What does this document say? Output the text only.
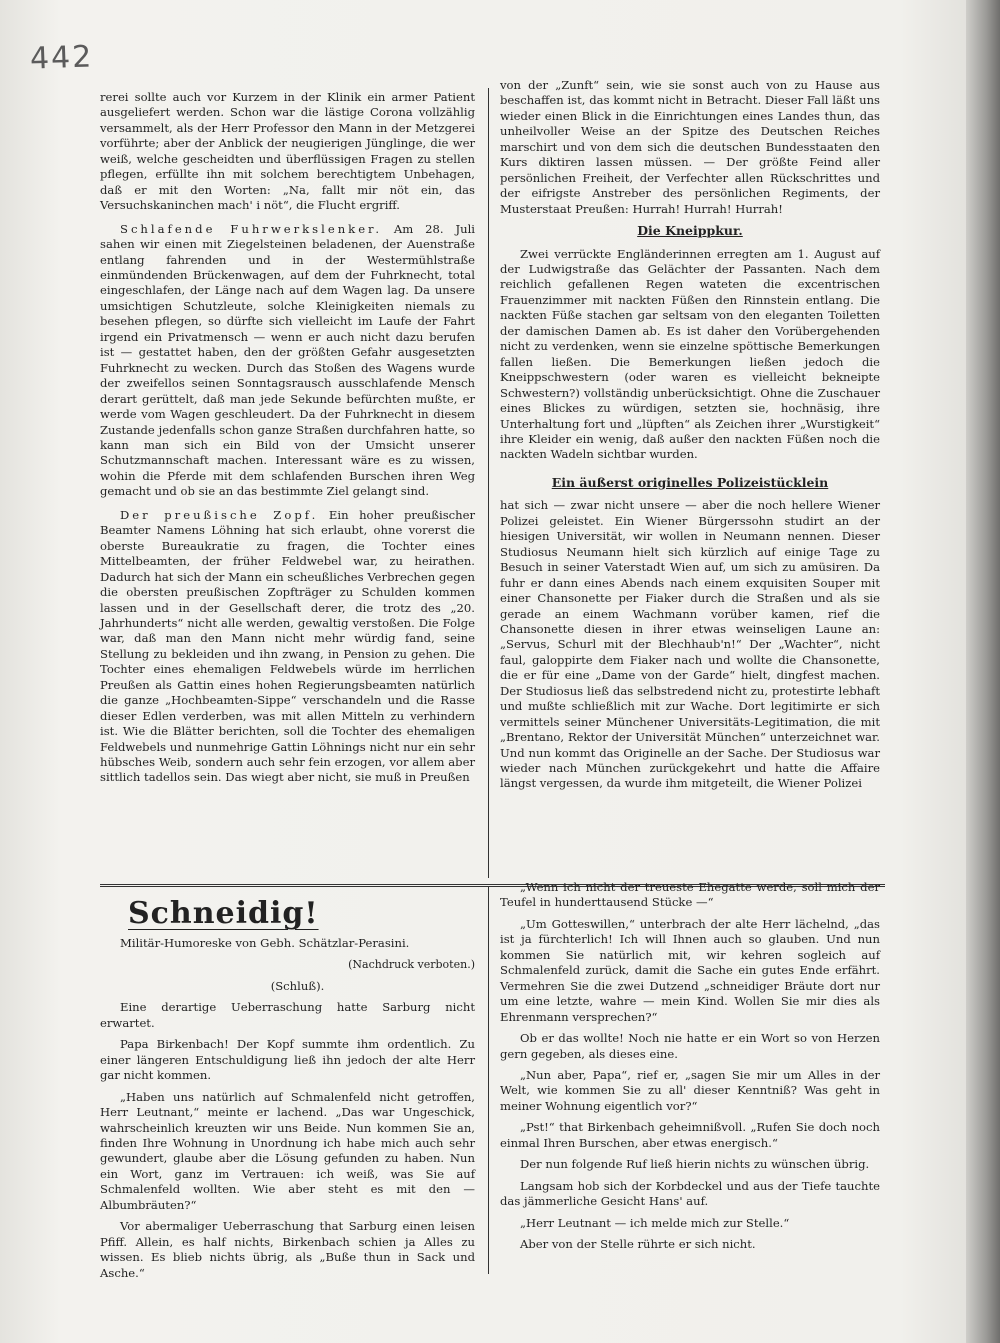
442

rerei sollte auch vor Kurzem in der Klinik ein armer Patient ausgeliefert werden. Schon war die lästige Corona vollzählig versammelt, als der Herr Professor den Mann in der Metzgerei vorführte; aber der Anblick der neugierigen Jünglinge, die wer weiß, welche gescheidten und überflüssigen Fragen zu stellen pflegen, erfüllte ihn mit solchem berechtigtem Unbehagen, daß er mit den Worten: „Na, fallt mir nöt ein, das Versuchskaninchen mach' i nöt“, die Flucht ergriff.

Schlafende Fuhrwerkslenker. Am 28. Juli sahen wir einen mit Ziegelsteinen beladenen, der Auenstraße entlang fahrenden und in der Westermühlstraße einmündenden Brückenwagen, auf dem der Fuhrknecht, total eingeschlafen, der Länge nach auf dem Wagen lag. Da unsere umsichtigen Schutzleute, solche Kleinigkeiten niemals zu besehen pflegen, so dürfte sich vielleicht im Laufe der Fahrt irgend ein Privatmensch — wenn er auch nicht dazu berufen ist — gestattet haben, den der größten Gefahr ausgesetzten Fuhrknecht zu wecken. Durch das Stoßen des Wagens wurde der zweifellos seinen Sonntagsrausch ausschlafende Mensch derart gerüttelt, daß man jede Sekunde befürchten mußte, er werde vom Wagen geschleudert. Da der Fuhrknecht in diesem Zustande jedenfalls schon ganze Straßen durchfahren hatte, so kann man sich ein Bild von der Umsicht unserer Schutzmannschaft machen. Interessant wäre es zu wissen, wohin die Pferde mit dem schlafenden Burschen ihren Weg gemacht und ob sie an das bestimmte Ziel gelangt sind.

Der preußische Zopf. Ein hoher preußischer Beamter Namens Löhning hat sich erlaubt, ohne vorerst die oberste Bureaukratie zu fragen, die Tochter eines Mittelbeamten, der früher Feldwebel war, zu heirathen. Dadurch hat sich der Mann ein scheußliches Verbrechen gegen die obersten preußischen Zopfträger zu Schulden kommen lassen und in der Gesellschaft derer, die trotz des „20. Jahrhunderts“ nicht alle werden, gewaltig verstoßen. Die Folge war, daß man den Mann nicht mehr würdig fand, seine Stellung zu bekleiden und ihn zwang, in Pension zu gehen. Die Tochter eines ehemaligen Feldwebels würde im herrlichen Preußen als Gattin eines hohen Regierungsbeamten natürlich die ganze „Hochbeamten-Sippe“ verschandeln und die Rasse dieser Edlen verderben, was mit allen Mitteln zu verhindern ist. Wie die Blätter berichten, soll die Tochter des ehemaligen Feldwebels und nunmehrige Gattin Löhnings nicht nur ein sehr hübsches Weib, sondern auch sehr fein erzogen, vor allem aber sittlich tadellos sein. Das wiegt aber nicht, sie muß in Preußen

von der „Zunft“ sein, wie sie sonst auch von zu Hause aus beschaffen ist, das kommt nicht in Betracht. Dieser Fall läßt uns wieder einen Blick in die Einrichtungen eines Landes thun, das unheilvoller Weise an der Spitze des Deutschen Reiches marschirt und von dem sich die deutschen Bundesstaaten den Kurs diktiren lassen müssen. — Der größte Feind aller persönlichen Freiheit, der Verfechter allen Rückschrittes und der eifrigste Anstreber des persönlichen Regiments, der Musterstaat Preußen: Hurrah! Hurrah! Hurrah!

Die Kneippkur.

Zwei verrückte Engländerinnen erregten am 1. August auf der Ludwigstraße das Gelächter der Passanten. Nach dem reichlich gefallenen Regen wateten die excentrischen Frauenzimmer mit nackten Füßen den Rinnstein entlang. Die nackten Füße stachen gar seltsam von den eleganten Toiletten der damischen Damen ab. Es ist daher den Vorübergehenden nicht zu verdenken, wenn sie einzelne spöttische Bemerkungen fallen ließen. Die Bemerkungen ließen jedoch die Kneippschwestern (oder waren es vielleicht bekneipte Schwestern?) vollständig unberücksichtigt. Ohne die Zuschauer eines Blickes zu würdigen, setzten sie, hochnäsig, ihre Unterhaltung fort und „lüpften“ als Zeichen ihrer „Wurstigkeit“ ihre Kleider ein wenig, daß außer den nackten Füßen noch die nackten Wadeln sichtbar wurden.

Ein äußerst originelles Polizeistücklein

hat sich — zwar nicht unsere — aber die noch hellere Wiener Polizei geleistet. Ein Wiener Bürgerssohn studirt an der hiesigen Universität, wir wollen in Neumann nennen. Dieser Studiosus Neumann hielt sich kürzlich auf einige Tage zu Besuch in seiner Vaterstadt Wien auf, um sich zu amüsiren. Da fuhr er dann eines Abends nach einem exquisiten Souper mit einer Chansonette per Fiaker durch die Straßen und als sie gerade an einem Wachmann vorüber kamen, rief die Chansonette diesen in ihrer etwas weinseligen Laune an: „Servus, Schurl mit der Blechhaub'n!“ Der „Wachter“, nicht faul, galoppirte dem Fiaker nach und wollte die Chansonette, die er für eine „Dame von der Garde“ hielt, dingfest machen. Der Studiosus ließ das selbstredend nicht zu, protestirte lebhaft und mußte schließlich mit zur Wache. Dort legitimirte er sich vermittels seiner Münchener Universitäts-Legitimation, die mit „Brentano, Rektor der Universität München“ unterzeichnet war. Und nun kommt das Originelle an der Sache. Der Studiosus war wieder nach München zurückgekehrt und hatte die Affaire längst vergessen, da wurde ihm mitgeteilt, die Wiener Polizei

Schneidig!

Militär-Humoreske von Gebh. Schätzlar-Perasini.

(Nachdruck verboten.)

(Schluß).

Eine derartige Ueberraschung hatte Sarburg nicht erwartet.

Papa Birkenbach! Der Kopf summte ihm ordentlich. Zu einer längeren Entschuldigung ließ ihn jedoch der alte Herr gar nicht kommen.

„Haben uns natürlich auf Schmalenfeld nicht getroffen, Herr Leutnant,“ meinte er lachend. „Das war Ungeschick, wahrscheinlich kreuzten wir uns Beide. Nun kommen Sie an, finden Ihre Wohnung in Unordnung ich habe mich auch sehr gewundert, glaube aber die Lösung gefunden zu haben. Nun ein Wort, ganz im Vertrauen: ich weiß, was Sie auf Schmalenfeld wollten. Wie aber steht es mit den — Albumbräuten?“

Vor abermaliger Ueberraschung that Sarburg einen leisen Pfiff. Allein, es half nichts, Birkenbach schien ja Alles zu wissen. Es blieb nichts übrig, als „Buße thun in Sack und Asche.“

„Wenn ich nicht der treueste Ehegatte werde, soll mich der Teufel in hunderttausend Stücke —“

„Um Gotteswillen,“ unterbrach der alte Herr lächelnd, „das ist ja fürchterlich! Ich will Ihnen auch so glauben. Und nun kommen Sie natürlich mit, wir kehren sogleich auf Schmalenfeld zurück, damit die Sache ein gutes Ende erfährt. Vermehren Sie die zwei Dutzend „schneidiger Bräute dort nur um eine letzte, wahre — mein Kind. Wollen Sie mir dies als Ehrenmann versprechen?“

Ob er das wollte! Noch nie hatte er ein Wort so von Herzen gern gegeben, als dieses eine.

„Nun aber, Papa“, rief er, „sagen Sie mir um Alles in der Welt, wie kommen Sie zu all' dieser Kenntniß? Was geht in meiner Wohnung eigentlich vor?“

„Pst!“ that Birkenbach geheimnißvoll. „Rufen Sie doch noch einmal Ihren Burschen, aber etwas energisch.“

Der nun folgende Ruf ließ hierin nichts zu wünschen übrig.

Langsam hob sich der Korbdeckel und aus der Tiefe tauchte das jämmerliche Gesicht Hans' auf.

„Herr Leutnant — ich melde mich zur Stelle.“

Aber von der Stelle rührte er sich nicht.
